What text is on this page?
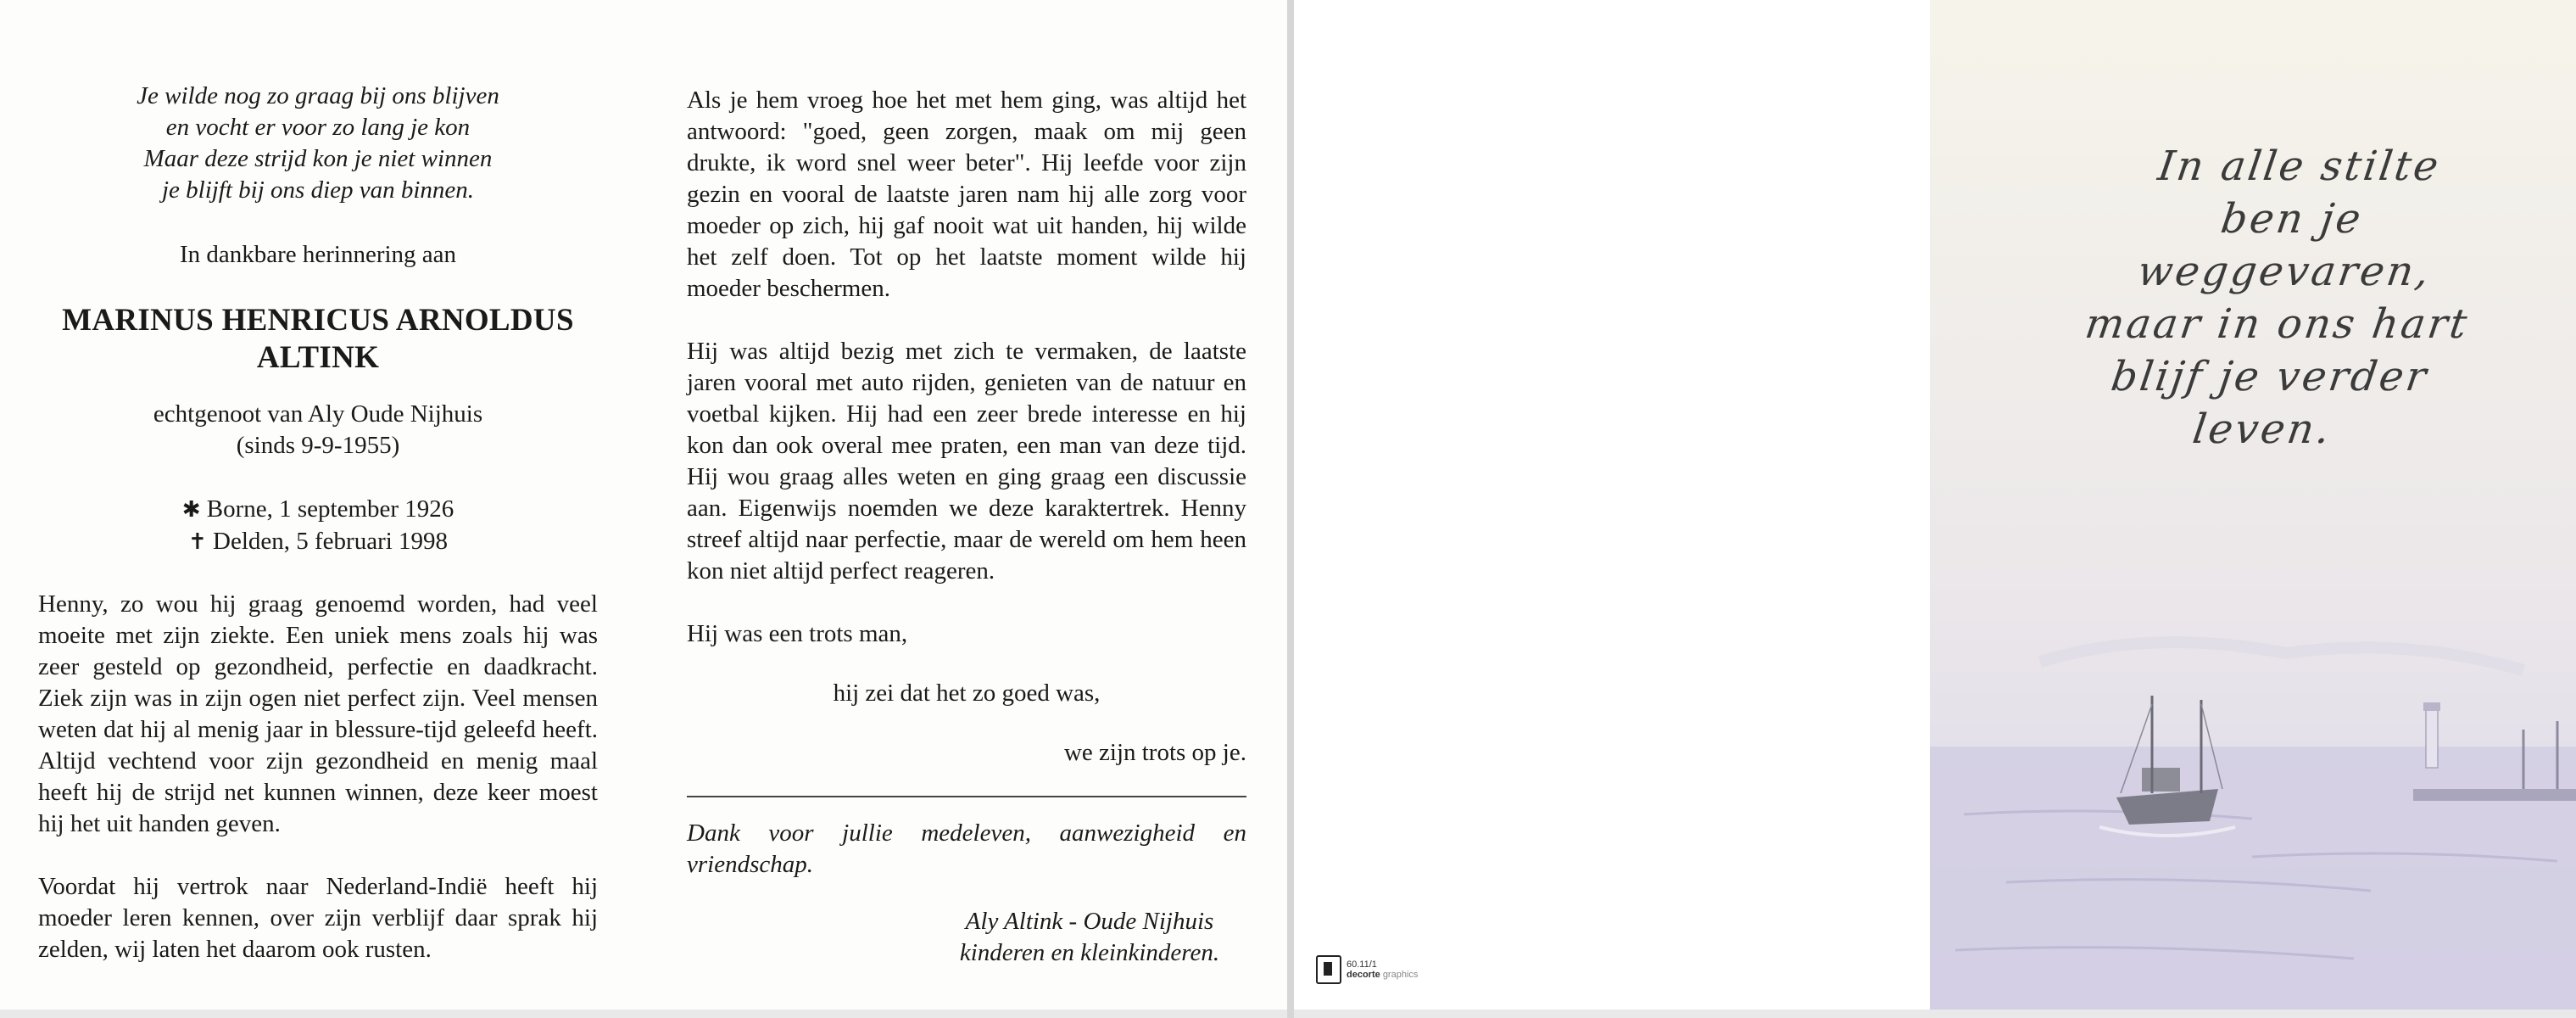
Je wilde nog zo graag bij ons blijven
en vocht er voor zo lang je kon
Maar deze strijd kon je niet winnen
je blijft bij ons diep van binnen.
In dankbare herinnering aan
MARINUS HENRICUS ARNOLDUS
ALTINK
echtgenoot van Aly Oude Nijhuis
(sinds 9-9-1955)
✱ Borne, 1 september 1926
✝ Delden, 5 februari 1998
Henny, zo wou hij graag genoemd worden, had veel moeite met zijn ziekte. Een uniek mens zoals hij was zeer gesteld op gezondheid, perfectie en daadkracht. Ziek zijn was in zijn ogen niet perfect zijn. Veel mensen weten dat hij al menig jaar in blessure-tijd geleefd heeft. Altijd vechtend voor zijn gezondheid en menig maal heeft hij de strijd net kunnen winnen, deze keer moest hij het uit handen geven.
Voordat hij vertrok naar Nederland-Indië heeft hij moeder leren kennen, over zijn verblijf daar sprak hij zelden, wij laten het daarom ook rusten.
Als je hem vroeg hoe het met hem ging, was altijd het antwoord: "goed, geen zorgen, maak om mij geen drukte, ik word snel weer beter". Hij leefde voor zijn gezin en vooral de laatste jaren nam hij alle zorg voor moeder op zich, hij gaf nooit wat uit handen, hij wilde het zelf doen. Tot op het laatste moment wilde hij moeder beschermen.
Hij was altijd bezig met zich te vermaken, de laatste jaren vooral met auto rijden, genieten van de natuur en voetbal kijken. Hij had een zeer brede interesse en hij kon dan ook overal mee praten, een man van deze tijd. Hij wou graag alles weten en ging graag een discussie aan. Eigenwijs noemden we deze karaktertrek. Henny streef altijd naar perfectie, maar de wereld om hem heen kon niet altijd perfect reageren.
Hij was een trots man,
hij zei dat het zo goed was,
we zijn trots op je.
Dank voor jullie medeleven, aanwezigheid en vriendschap.
Aly Altink - Oude Nijhuis
kinderen en kleinkinderen.
In alle stilte
ben je weggevaren,
maar in ons hart
blijf je verder leven.
60.11/1
decorte graphics
